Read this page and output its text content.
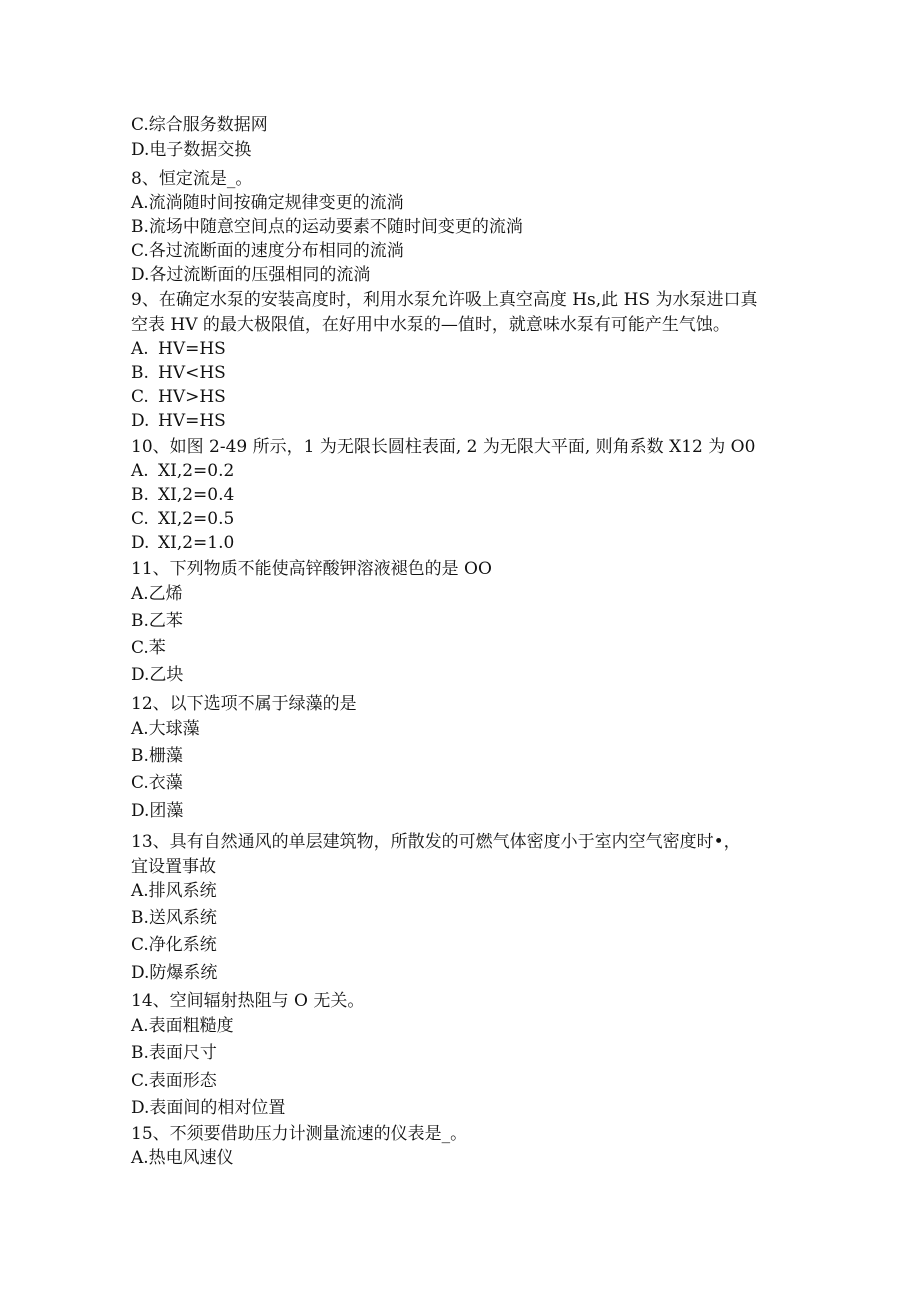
C.综合服务数据网
D.电子数据交换
8、恒定流是_。
A.流淌随时间按确定规律变更的流淌
B.流场中随意空间点的运动要素不随时间变更的流淌
C.各过流断面的速度分布相同的流淌
D.各过流断面的压强相同的流淌
9、在确定水泵的安装高度时，利用水泵允许吸上真空高度 Hs,此 HS 为水泵进口真
空表 HV 的最大极限值，在好用中水泵的—值时，就意味水泵有可能产生气蚀。
A. HV=HS
B. HV<HS
C. HV>HS
D. HV=HS
10、如图 2-49 所示，1 为无限长圆柱表面, 2 为无限大平面, 则角系数 X12 为 O0
A. XI,2=0.2
B. XI,2=0.4
C. XI,2=0.5
D. XI,2=1.0
11、下列物质不能使高锌酸钾溶液褪色的是 OO
A.乙烯
B.乙苯
C.苯
D.乙块
12、以下选项不属于绿藻的是
A.大球藻
B.栅藻
C.衣藻
D.团藻
13、具有自然通风的单层建筑物，所散发的可燃气体密度小于室内空气密度时•，
宜设置事故
A.排风系统
B.送风系统
C.净化系统
D.防爆系统
14、空间辐射热阻与 O 无关。
A.表面粗糙度
B.表面尺寸
C.表面形态
D.表面间的相对位置
15、不须要借助压力计测量流速的仪表是_。
A.热电风速仪
